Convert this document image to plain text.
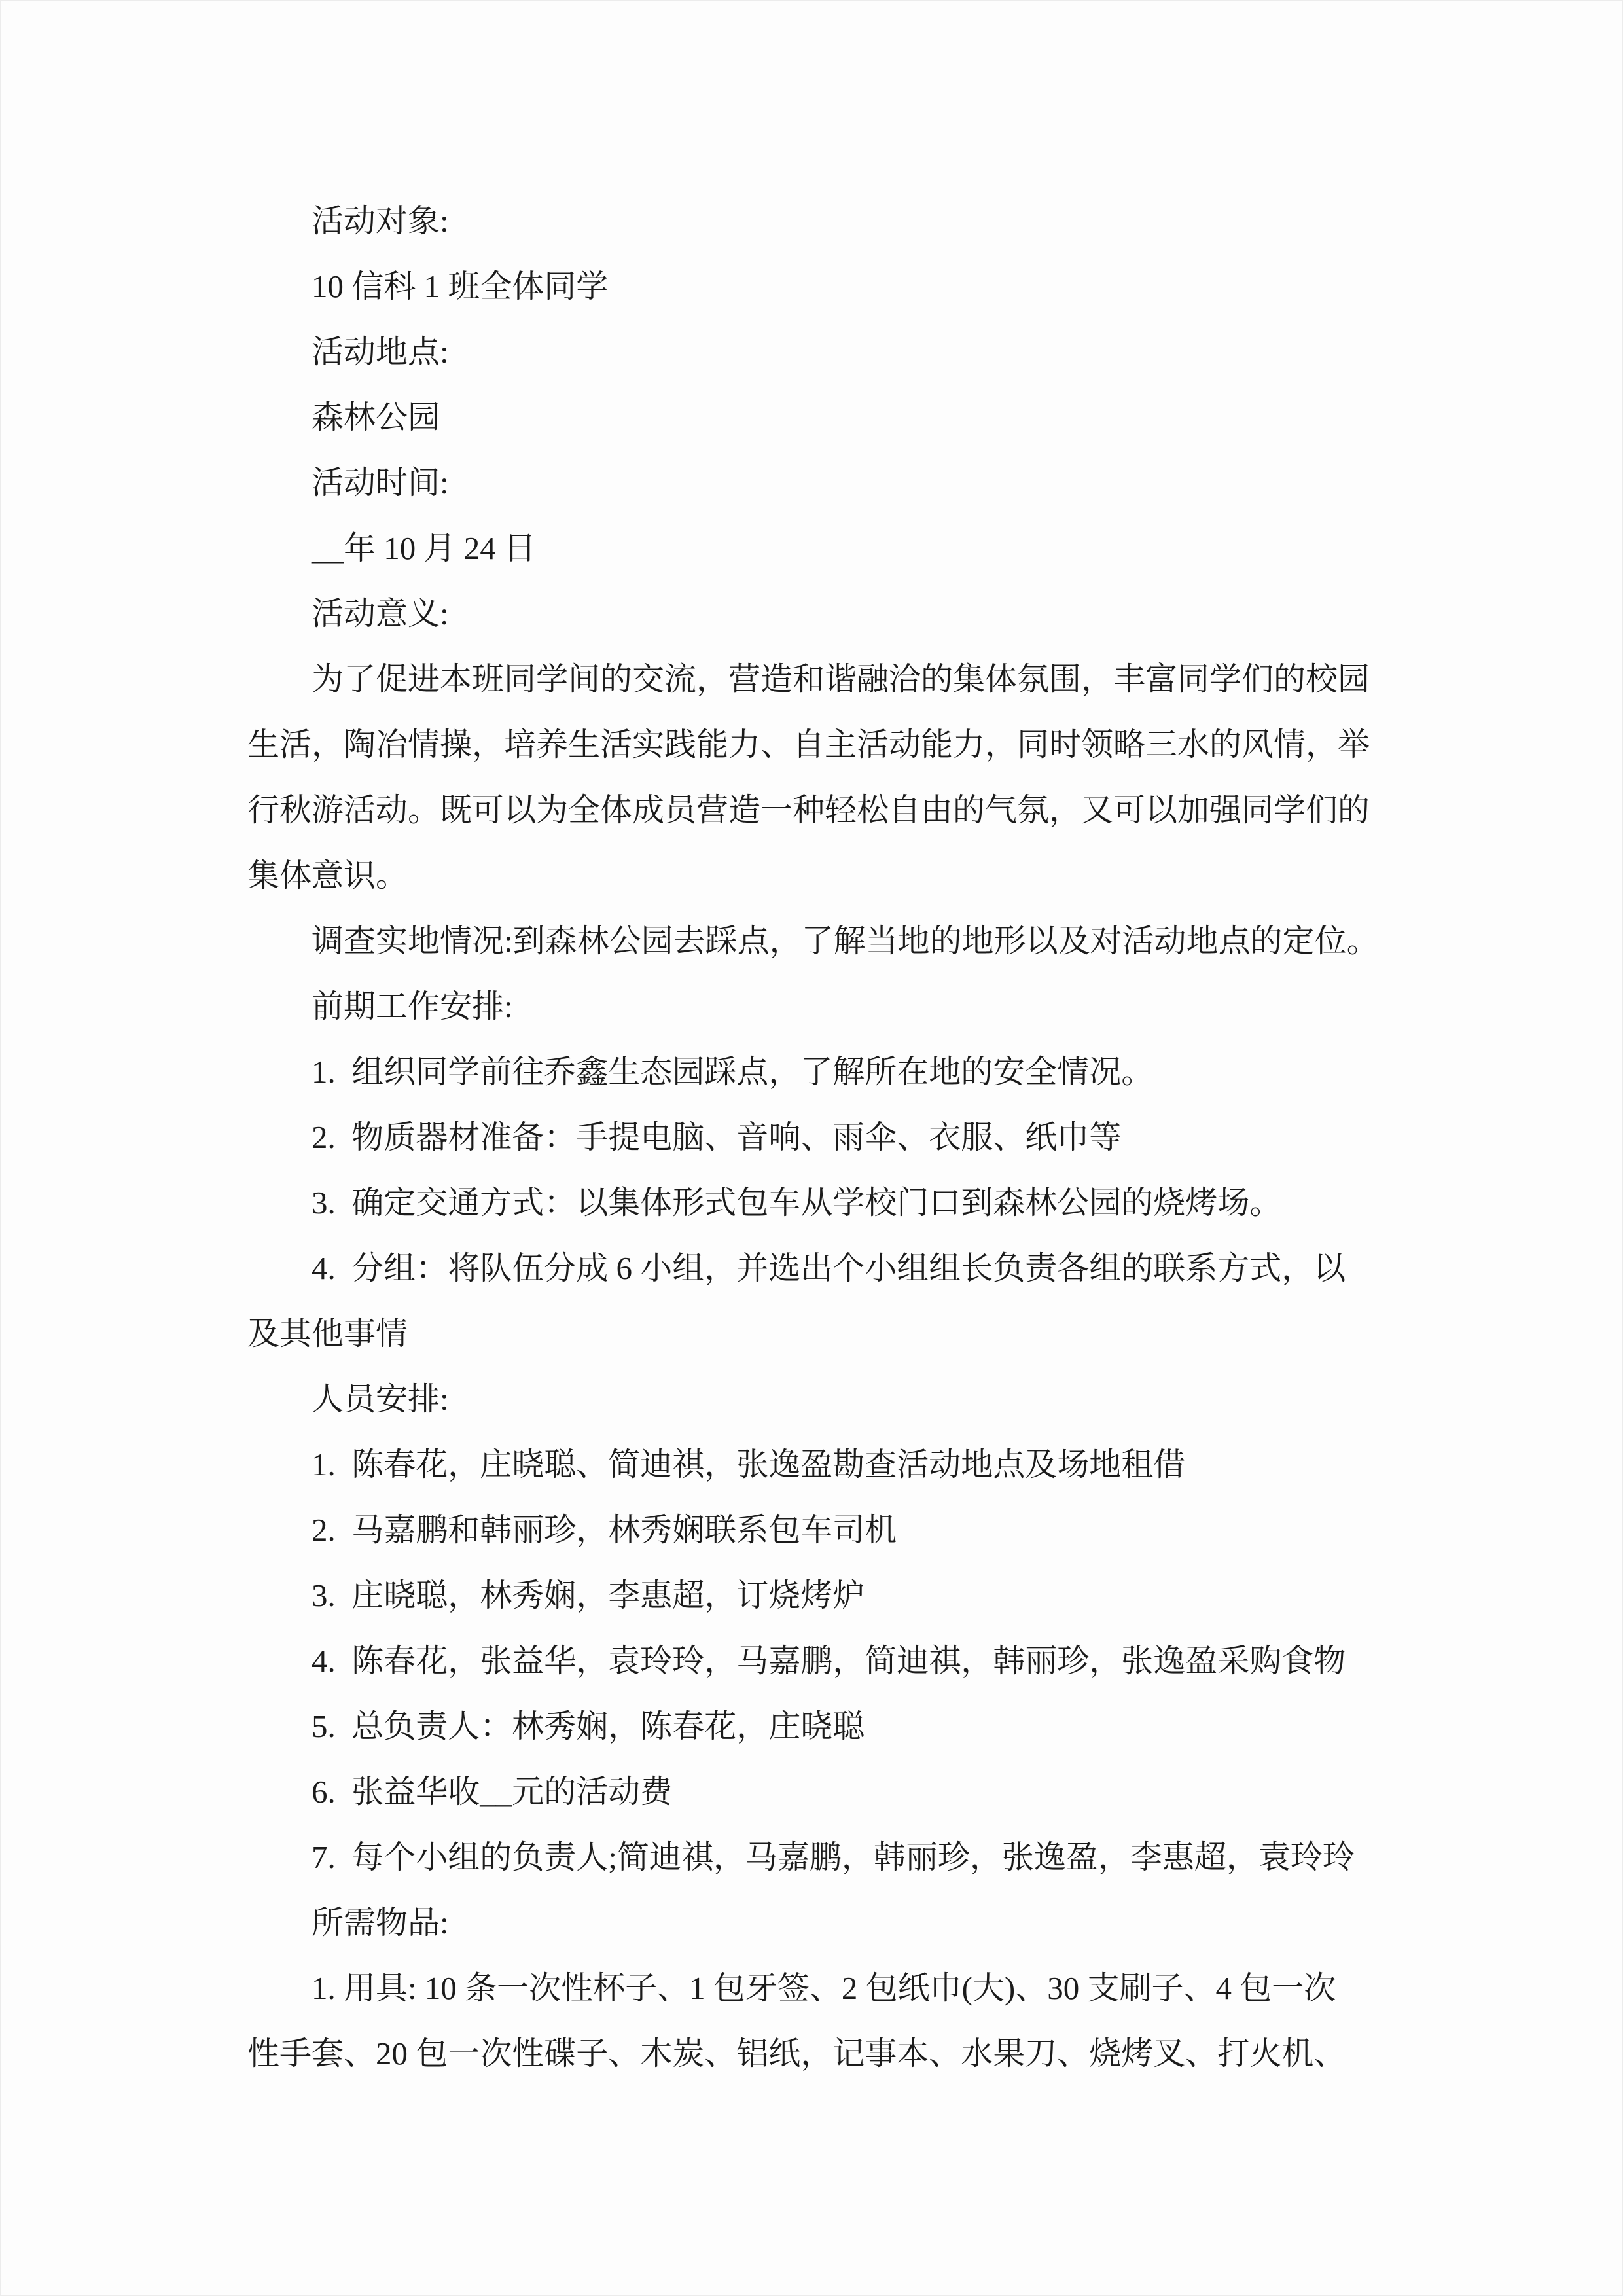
活动对象:

10 信科 1 班全体同学

活动地点:

森林公园

活动时间:

__年 10 月 24 日

活动意义:

为了促进本班同学间的交流，营造和谐融洽的集体氛围，丰富同学们的校园

生活，陶冶情操，培养生活实践能力、自主活动能力，同时领略三水的风情，举

行秋游活动。既可以为全体成员营造一种轻松自由的气氛，又可以加强同学们的

集体意识。

调查实地情况:到森林公园去踩点，了解当地的地形以及对活动地点的定位。

前期工作安排:

1.  组织同学前往乔鑫生态园踩点，了解所在地的安全情况。

2.  物质器材准备：手提电脑、音响、雨伞、衣服、纸巾等

3.  确定交通方式：以集体形式包车从学校门口到森林公园的烧烤场。

4.  分组：将队伍分成 6 小组，并选出个小组组长负责各组的联系方式，以

及其他事情

人员安排:

1.  陈春花，庄晓聪、简迪祺，张逸盈勘查活动地点及场地租借

2.  马嘉鹏和韩丽珍，林秀娴联系包车司机

3.  庄晓聪，林秀娴，李惠超，订烧烤炉

4.  陈春花，张益华，袁玲玲，马嘉鹏，简迪祺，韩丽珍，张逸盈采购食物

5.  总负责人：林秀娴，陈春花，庄晓聪

6.  张益华收__元的活动费

7.  每个小组的负责人;简迪祺，马嘉鹏，韩丽珍，张逸盈，李惠超，袁玲玲

所需物品:

1. 用具: 10 条一次性杯子、1 包牙签、2 包纸巾(大)、30 支刷子、4 包一次

性手套、20 包一次性碟子、木炭、铝纸，记事本、水果刀、烧烤叉、打火机、
